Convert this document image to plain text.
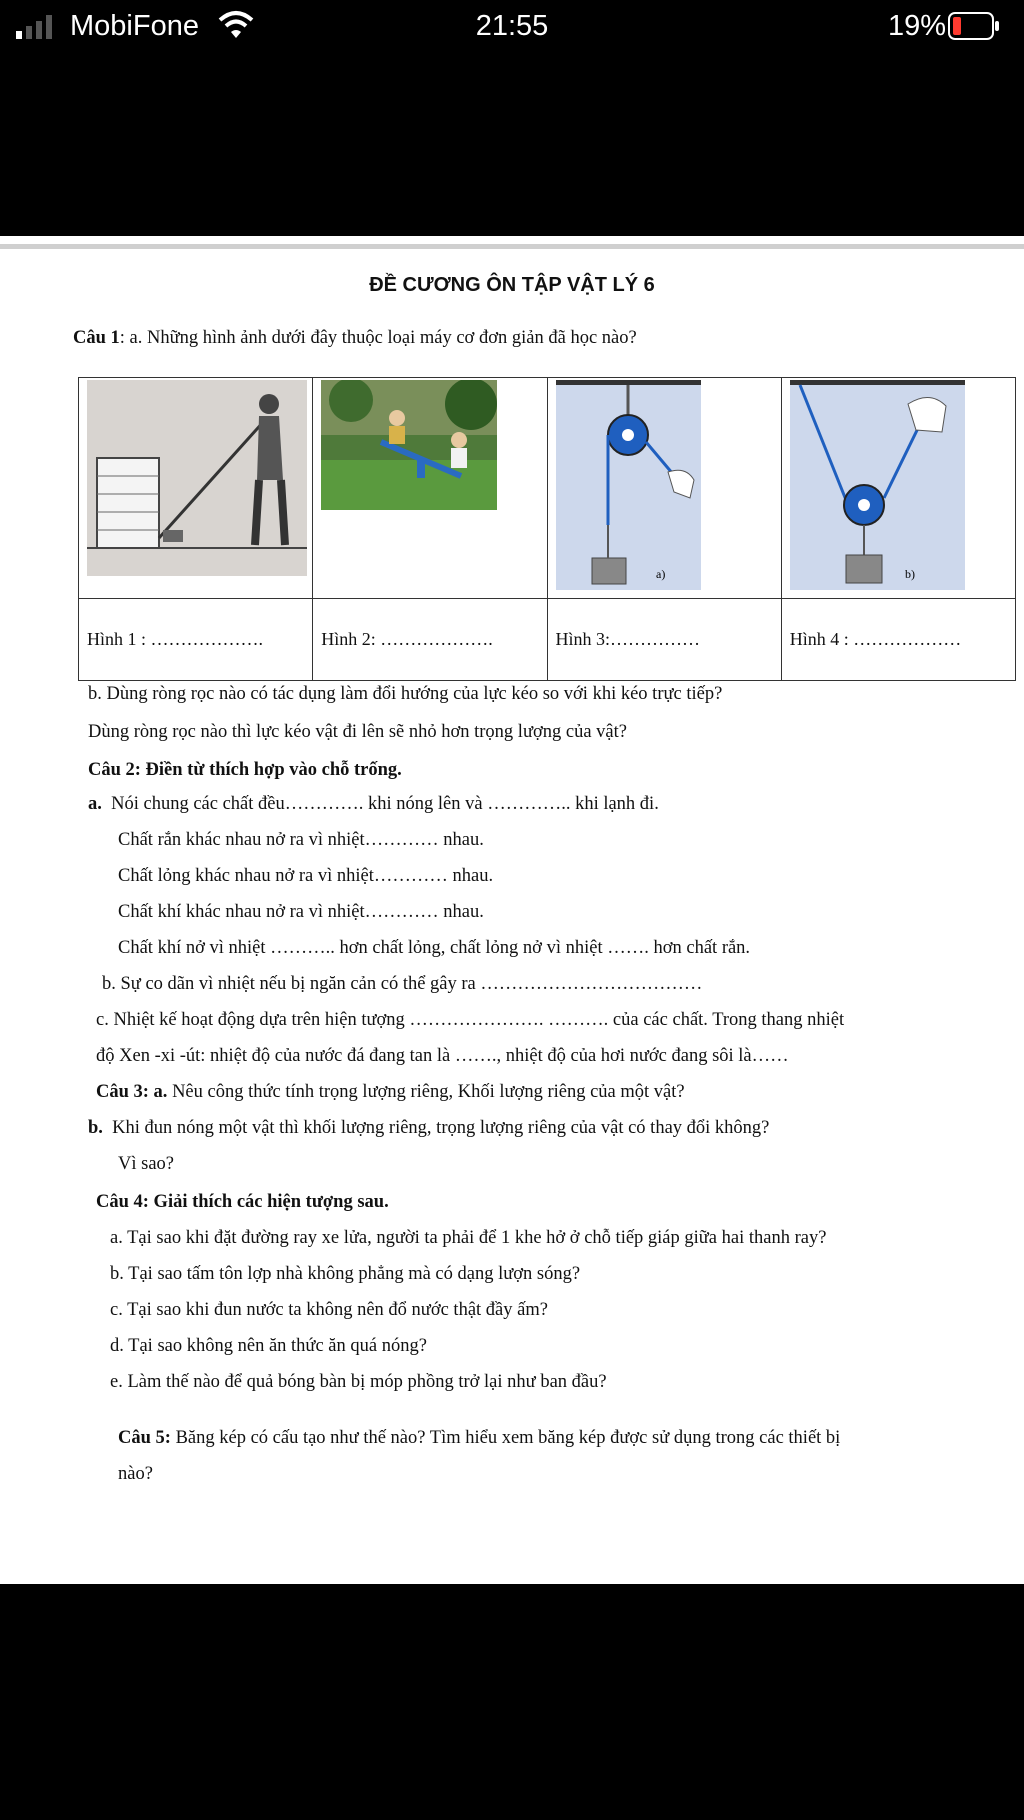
MobiFone	21:55	19%
ĐỀ CƯƠNG ÔN TẬP VẬT LÝ 6
Câu 1: a. Những hình ảnh dưới đây thuộc loại máy cơ đơn giản đã học nào?

a)	b)

Hình 1 : ……………….	Hình 2: ……………….	Hình 3:……………	Hình 4 : ………………
b. Dùng ròng rọc nào có tác dụng làm đổi hướng của lực kéo so với khi kéo trực tiếp?
Dùng ròng rọc nào thì lực kéo vật đi lên sẽ nhỏ hơn trọng lượng của vật?
Câu 2: Điền từ thích hợp vào chỗ trống.
a. Nói chung các chất đều…………. khi nóng lên và ………….. khi lạnh đi.
Chất rắn khác nhau nở ra vì nhiệt………… nhau.
Chất lỏng khác nhau nở ra vì nhiệt………… nhau.
Chất khí khác nhau nở ra vì nhiệt………… nhau.
Chất khí nở vì nhiệt ……….. hơn chất lỏng, chất lỏng nở vì nhiệt ……. hơn chất rắn.
b. Sự co dãn vì nhiệt nếu bị ngăn cản có thể gây ra ………………………………
c. Nhiệt kế hoạt động dựa trên hiện tượng …………………. ………. của các chất. Trong thang nhiệt
độ Xen -xi -út: nhiệt độ của nước đá đang tan là ……., nhiệt độ của hơi nước đang sôi là……
Câu 3: a. Nêu công thức tính trọng lượng riêng, Khối lượng riêng của một vật?
b. Khi đun nóng một vật thì khối lượng riêng, trọng lượng riêng của vật có thay đổi không?
Vì sao?
Câu 4: Giải thích các hiện tượng sau.
a. Tại sao khi đặt đường ray xe lửa, người ta phải để 1 khe hở ở chỗ tiếp giáp giữa hai thanh ray?
b. Tại sao tấm tôn lợp nhà không phẳng mà có dạng lượn sóng?
c. Tại sao khi đun nước ta không nên đổ nước thật đầy ấm?
d. Tại sao không nên ăn thức ăn quá nóng?
e. Làm thế nào để quả bóng bàn bị móp phồng trở lại như ban đầu?
Câu 5: Băng kép có cấu tạo như thế nào? Tìm hiểu xem băng kép được sử dụng trong các thiết bị
nào?
